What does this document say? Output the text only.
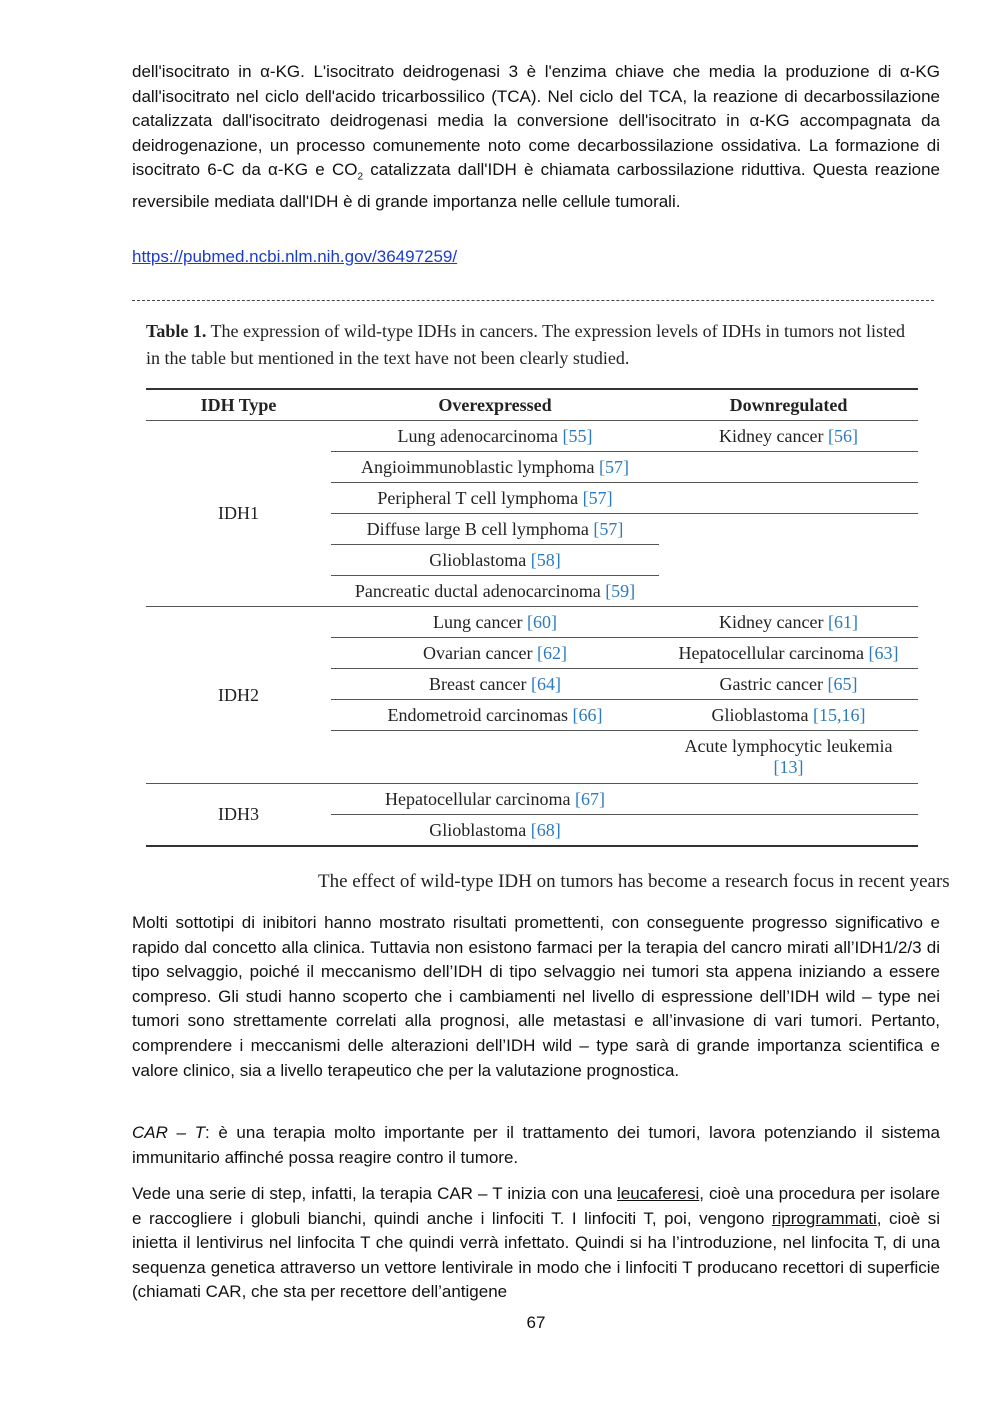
dell'isocitrato in α-KG. L'isocitrato deidrogenasi 3 è l'enzima chiave che media la produzione di α-KG dall'isocitrato nel ciclo dell'acido tricarbossilico (TCA). Nel ciclo del TCA, la reazione di decarbossilazione catalizzata dall'isocitrato deidrogenasi media la conversione dell'isocitrato in α-KG accompagnata da deidrogenazione, un processo comunemente noto come decarbossilazione ossidativa. La formazione di isocitrato 6-C da α-KG e $CO_2$ catalizzata dall'IDH è chiamata carbossilazione riduttiva. Questa reazione reversibile mediata dall'IDH è di grande importanza nelle cellule tumorali.

https://pubmed.ncbi.nlm.nih.gov/36497259/

Table 1. The expression of wild-type IDHs in cancers. The expression levels of IDHs in tumors not listed in the table but mentioned in the text have not been clearly studied.

IDH Type	Overexpressed	Downregulated
IDH1	Lung adenocarcinoma [55]	Kidney cancer [56]
	Angioimmunoblastic lymphoma [57]	
	Peripheral T cell lymphoma [57]	
	Diffuse large B cell lymphoma [57]	
	Glioblastoma [58]	
	Pancreatic ductal adenocarcinoma [59]	
IDH2	Lung cancer [60]	Kidney cancer [61]
	Ovarian cancer [62]	Hepatocellular carcinoma [63]
	Breast cancer [64]	Gastric cancer [65]
	Endometroid carcinomas [66]	Glioblastoma [15,16]
		Acute lymphocytic leukemia
[13]
IDH3	Hepatocellular carcinoma [67]	
	Glioblastoma [68]	
The effect of wild-type IDH on tumors has become a research focus in recent years

Molti sottotipi di inibitori hanno mostrato risultati promettenti, con conseguente progresso significativo e rapido dal concetto alla clinica. Tuttavia non esistono farmaci per la terapia del cancro mirati all’IDH1/2/3 di tipo selvaggio, poiché il meccanismo dell’IDH di tipo selvaggio nei tumori sta appena iniziando a essere compreso. Gli studi hanno scoperto che i cambiamenti nel livello di espressione dell’IDH wild – type nei tumori sono strettamente correlati alla prognosi, alle metastasi e all’invasione di vari tumori. Pertanto, comprendere i meccanismi delle alterazioni dell’IDH wild – type sarà di grande importanza scientifica e valore clinico, sia a livello terapeutico che per la valutazione prognostica.

CAR – T: è una terapia molto importante per il trattamento dei tumori, lavora potenziando il sistema immunitario affinché possa reagire contro il tumore.

Vede una serie di step, infatti, la terapia CAR – T inizia con una leucaferesi, cioè una procedura per isolare e raccogliere i globuli bianchi, quindi anche i linfociti T. I linfociti T, poi, vengono riprogrammati, cioè si inietta il lentivirus nel linfocita T che quindi verrà infettato. Quindi si ha l’introduzione, nel linfocita T, di una sequenza genetica attraverso un vettore lentivirale in modo che i linfociti T producano recettori di superficie (chiamati CAR, che sta per recettore dell’antigene

67
